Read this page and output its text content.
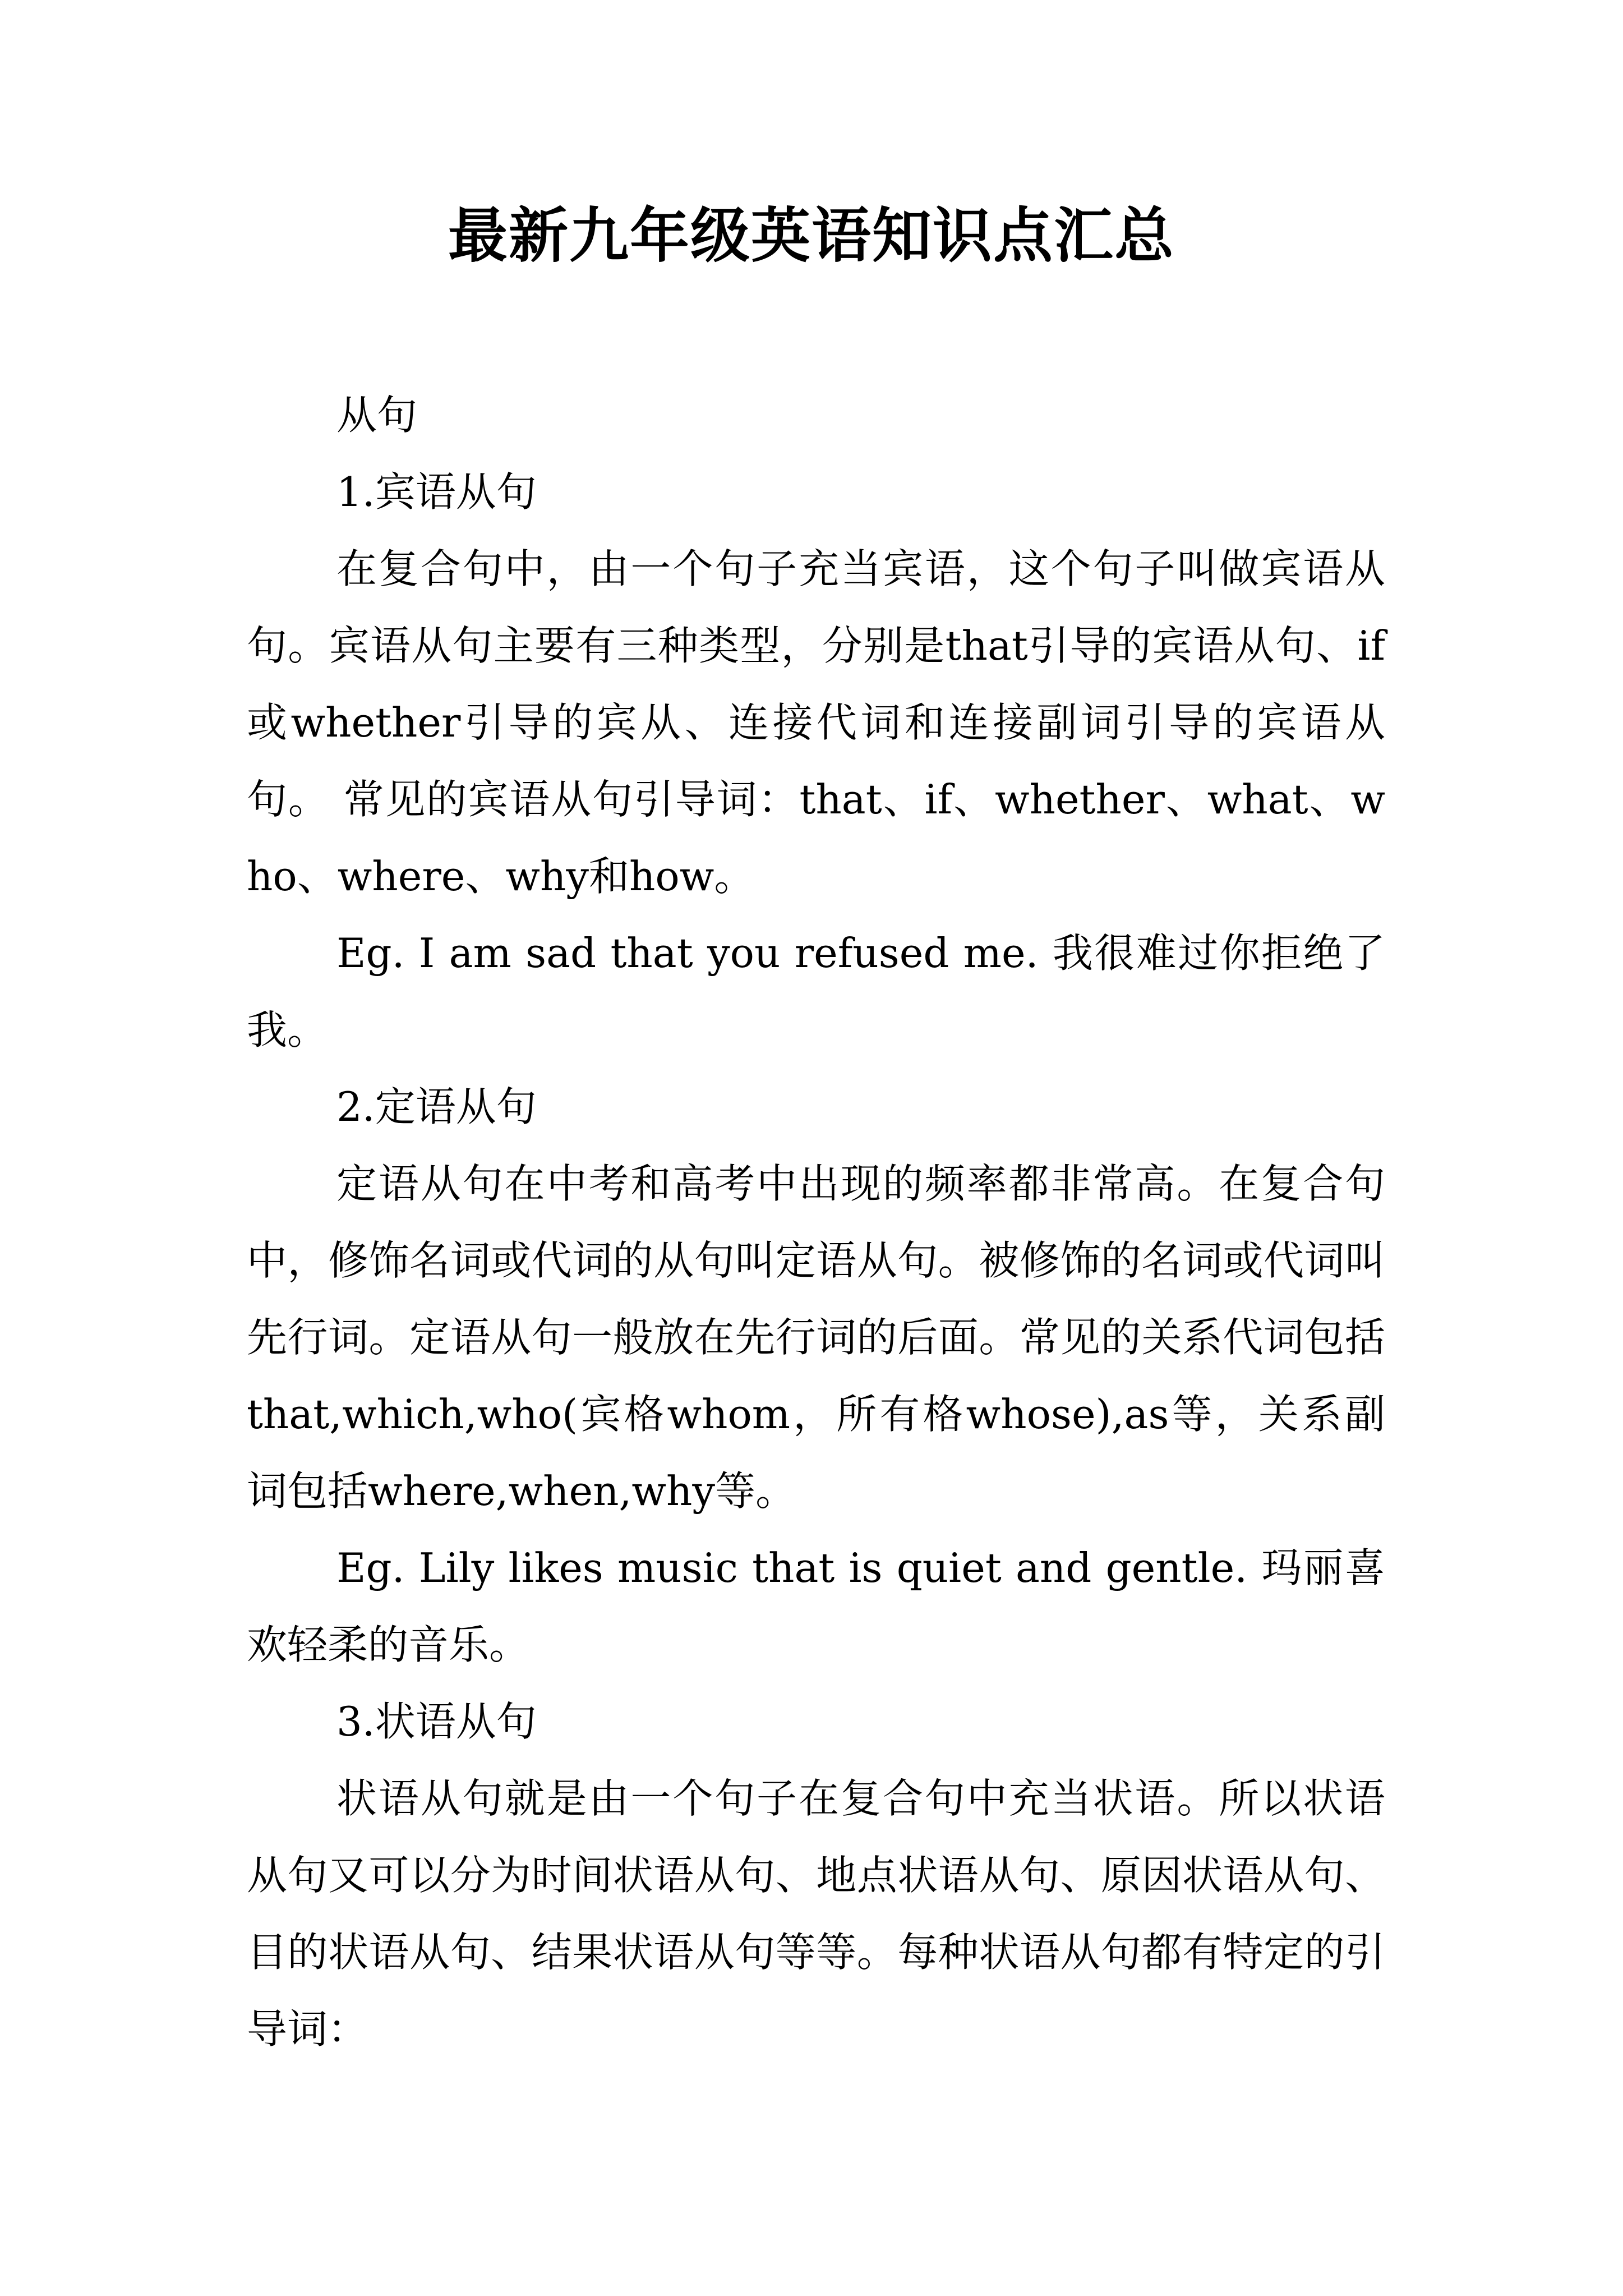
最新九年级英语知识点汇总

从句

1.宾语从句

在复合句中，由一个句子充当宾语，这个句子叫做宾语从句。宾语从句主要有三种类型，分别是that引导的宾语从句、if或whether引导的宾从、连接代词和连接副词引导的宾语从句。 常见的宾语从句引导词：that、if、whether、what、who、where、why和how。

Eg. I am sad that you refused me. 我很难过你拒绝了我。

2.定语从句

定语从句在中考和高考中出现的频率都非常高。在复合句中，修饰名词或代词的从句叫定语从句。被修饰的名词或代词叫先行词。定语从句一般放在先行词的后面。常见的关系代词包括that,which,who(宾格whom，所有格whose),as等，关系副词包括where,when,why等。

Eg. Lily likes music that is quiet and gentle. 玛丽喜欢轻柔的音乐。

3.状语从句

状语从句就是由一个句子在复合句中充当状语。所以状语从句又可以分为时间状语从句、地点状语从句、原因状语从句、目的状语从句、结果状语从句等等。每种状语从句都有特定的引导词：
